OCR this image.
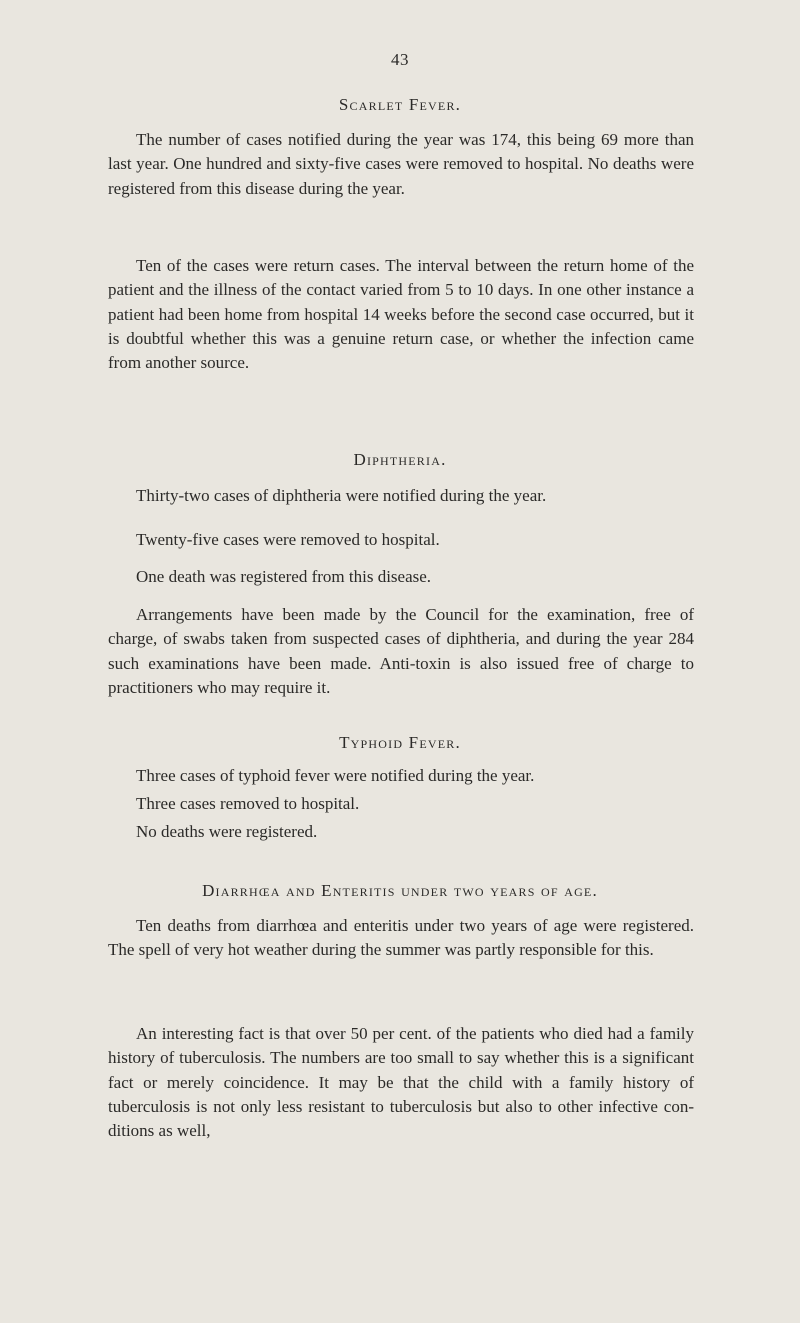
43
Scarlet Fever.
The number of cases notified during the year was 174, this being 69 more than last year. One hundred and sixty-five cases were removed to hospital. No deaths were registered from this disease during the year.
Ten of the cases were return cases. The interval between the return home of the patient and the illness of the contact varied from 5 to 10 days. In one other instance a patient had been home from hospital 14 weeks before the second case occurred, but it is doubtful whether this was a genuine return case, or whether the infection came from another source.
Diphtheria.
Thirty-two cases of diphtheria were notified during the year.
Twenty-five cases were removed to hospital.
One death was registered from this disease.
Arrangements have been made by the Council for the examination, free of charge, of swabs taken from suspected cases of diphtheria, and during the year 284 such examinations have been made. Anti-toxin is also issued free of charge to practitioners who may require it.
Typhoid Fever.
Three cases of typhoid fever were notified during the year.
Three cases removed to hospital.
No deaths were registered.
Diarrhœa and Enteritis under two years of age.
Ten deaths from diarrhœa and enteritis under two years of age were registered. The spell of very hot weather during the summer was partly responsible for this.
An interesting fact is that over 50 per cent. of the patients who died had a family history of tuberculosis. The numbers are too small to say whether this is a significant fact or merely coincidence. It may be that the child with a family history of tuberculosis is not only less resistant to tuberculosis but also to other infective con- ditions as well,
